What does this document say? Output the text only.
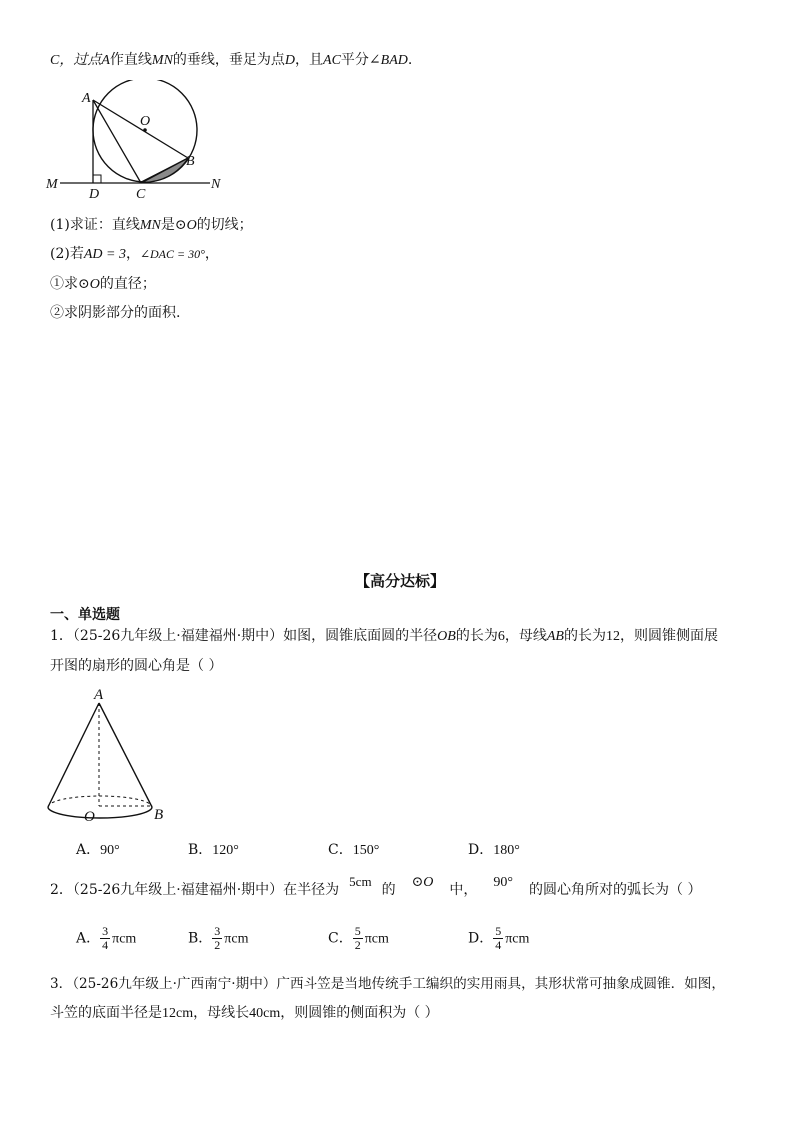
C，过点A作直线MN的垂线，垂足为点D，且AC平分∠BAD.
A
O
B
M
D	C
N
(1)求证：直线MN是⊙O的切线；
(2)若AD = 3，∠DAC = 30°，
①求⊙O的直径；
②求阴影部分的面积.
【高分达标】
一、单选题
1．（25-26九年级上·福建福州·期中）如图，圆锥底面圆的半径OB的长为6，母线AB的长为12，则圆锥侧面展
开图的扇形的圆心角是（ ）
A
O	B
A．90°	B．120°	C．150°	D．180°
2．（25-26九年级上·福建福州·期中）在半径为5cm的 ⊙O 中， 90° 的圆心角所对的弧长为（ ）
A． $\frac{3}{4}$ πcm	B． $\frac{3}{2}$ πcm	C． $\frac{5}{2}$ πcm	D． $\frac{5}{4}$ πcm
3．（25-26九年级上·广西南宁·期中）广西斗笠是当地传统手工编织的实用雨具，其形状常可抽象成圆锥．如图，
斗笠的底面半径是12cm，母线长40cm，则圆锥的侧面积为（ ）
